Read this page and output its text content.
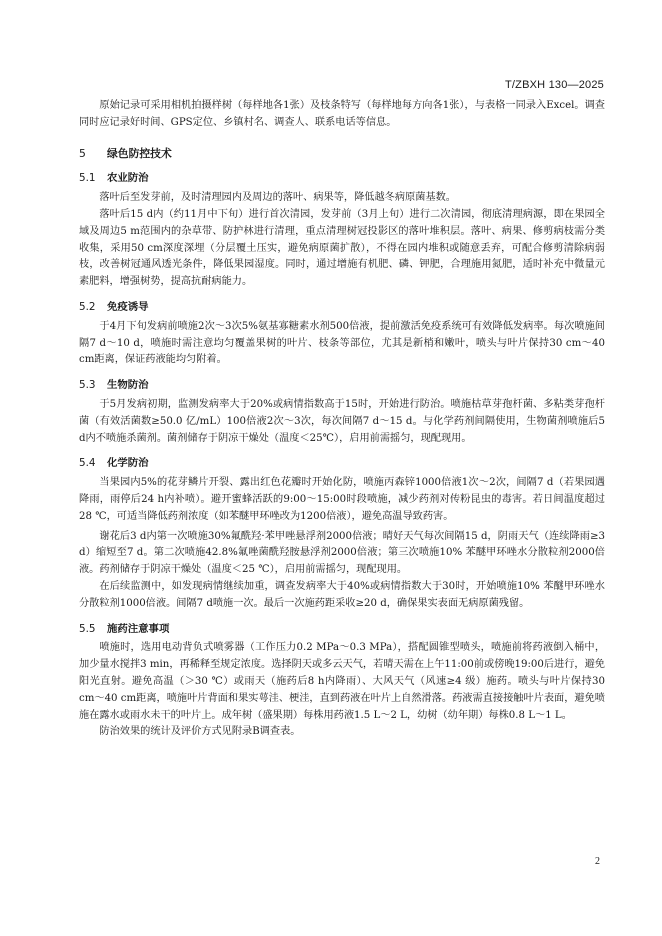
T/ZBXH 130—2025

原始记录可采用相机拍摄样树（每样地各1张）及枝条特写（每样地每方向各1张），与表格一同录入Excel。调查同时应记录好时间、GPS定位、乡镇村名、调查人、联系电话等信息。

5 绿色防控技术
5.1 农业防治

落叶后至发芽前，及时清理园内及周边的落叶、病果等，降低越冬病原菌基数。

落叶后15 d内（约11月中下旬）进行首次清园，发芽前（3月上旬）进行二次清园，彻底清理病源，即在果园全域及周边5 m范围内的杂草带、防护林进行清理，重点清理树冠投影区的落叶堆积层。落叶、病果、修剪病枝需分类收集，采用50 cm深度深埋（分层覆土压实，避免病原菌扩散），不得在园内堆积或随意丢弃，可配合修剪清除病弱枝，改善树冠通风透光条件，降低果园湿度。同时，通过增施有机肥、磷、钾肥，合理施用氮肥，适时补充中微量元素肥料，增强树势，提高抗耐病能力。

5.2 免疫诱导

于4月下旬发病前喷施2次～3次5%氨基寡糖素水剂500倍液，提前激活免疫系统可有效降低发病率。每次喷施间隔7 d～10 d，喷施时需注意均匀覆盖果树的叶片、枝条等部位，尤其是新梢和嫩叶，喷头与叶片保持30 cm～40 cm距离，保证药液能均匀附着。

5.3 生物防治

于5月发病初期，监测发病率大于20%或病情指数高于15时，开始进行防治。喷施枯草芽孢杆菌、多粘类芽孢杆菌（有效活菌数≥50.0 亿/mL）100倍液2次～3次，每次间隔7 d～15 d。与化学药剂间隔使用，生物菌剂喷施后5 d内不喷施杀菌剂。菌剂储存于阴凉干燥处（温度＜25℃），启用前需摇匀，现配现用。

5.4 化学防治

当果园内5%的花芽鳞片开裂、露出红色花瓣时开始化防，喷施丙森锌1000倍液1次～2次，间隔7 d（若果园遇降雨，雨停后24 h内补喷）。避开蜜蜂活跃的9:00～15:00时段喷施，减少药剂对传粉昆虫的毒害。若日间温度超过28 ℃，可适当降低药剂浓度（如苯醚甲环唑改为1200倍液），避免高温导致药害。

谢花后3 d内第一次喷施30%氟酰羟·苯甲唑悬浮剂2000倍液；晴好天气每次间隔15 d，阴雨天气（连续降雨≥3 d）缩短至7 d。第二次喷施42.8%氟唑菌酰羟胺悬浮剂2000倍液；第三次喷施10% 苯醚甲环唑水分散粒剂2000倍液。药剂储存于阴凉干燥处（温度＜25 ℃），启用前需摇匀，现配现用。

在后续监测中，如发现病情继续加重，调查发病率大于40%或病情指数大于30时，开始喷施10% 苯醚甲环唑水分散粒剂1000倍液。间隔7 d喷施一次。最后一次施药距采收≥20 d，确保果实表面无病原菌残留。

5.5 施药注意事项

喷施时，选用电动背负式喷雾器（工作压力0.2 MPa～0.3 MPa），搭配圆锥型喷头，喷施前将药液倒入桶中，加少量水搅拌3 min，再稀释至规定浓度。选择阴天或多云天气，若晴天需在上午11:00前或傍晚19:00后进行，避免阳光直射。避免高温（＞30 ℃）或雨天（施药后8 h内降雨）、大风天气（风速≥4 级）施药。喷头与叶片保持30 cm～40 cm距离，喷施叶片背面和果实萼洼、梗洼，直到药液在叶片上自然滑落。药液需直接接触叶片表面，避免喷施在露水或雨水未干的叶片上。成年树（盛果期）每株用药液1.5 L～2 L，幼树（幼年期）每株0.8 L～1 L。

防治效果的统计及评价方式见附录B调查表。

2
